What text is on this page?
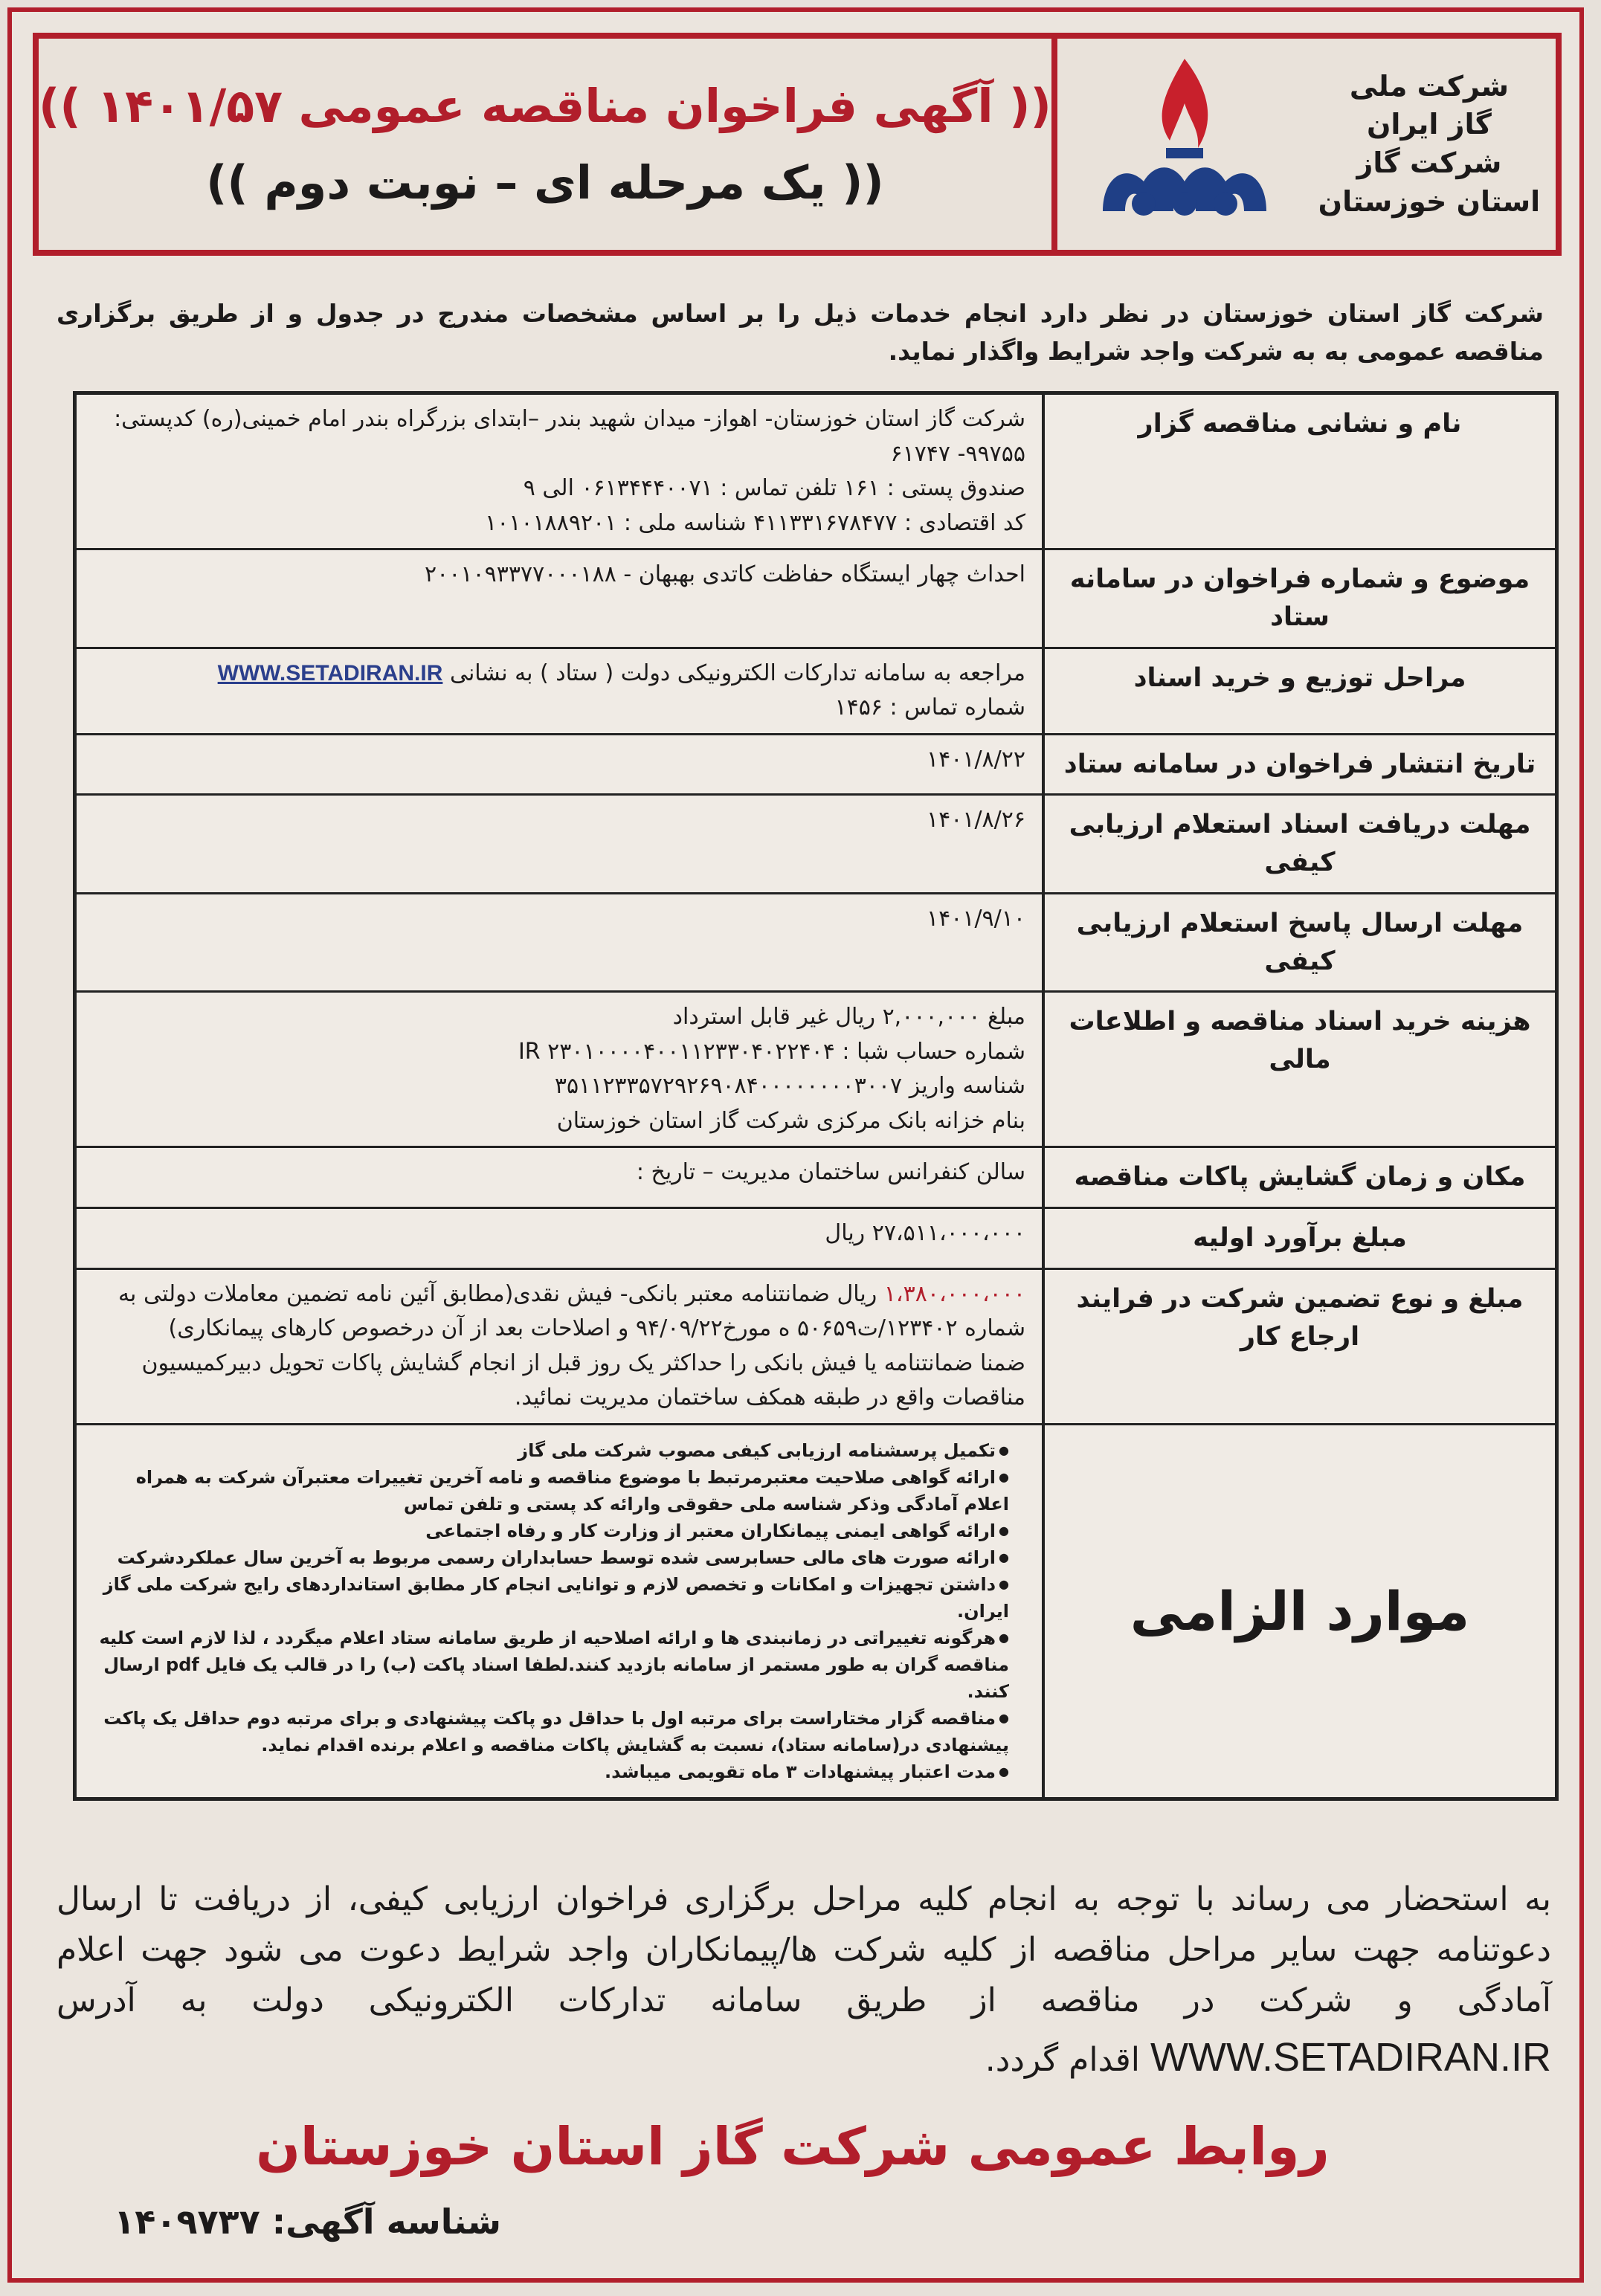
شرکت ملی
گاز ایران
شرکت گاز
استان خوزستان
(( آگهی فراخوان مناقصه عمومی ۱۴۰۱/۵۷ ))
(( یک مرحله ای – نوبت دوم ))
شرکت گاز استان خوزستان در نظر دارد انجام خدمات ذیل را بر اساس مشخصات مندرج در جدول و از طریق برگزاری مناقصه عمومی به به شرکت واجد شرایط واگذار نماید.
نام و نشانی مناقصه گزار

شرکت گاز استان خوزستان- اهواز- میدان شهید بندر –ابتدای بزرگراه بندر امام خمینی(ره) کدپستی: ۹۹۷۵۵- ۶۱۷۴۷

صندوق پستی : ۱۶۱ تلفن تماس : ۰۶۱۳۴۴۴۰۰۷۱ الی ۹

کد اقتصادی : ۴۱۱۳۳۱۶۷۸۴۷۷ شناسه ملی : ۱۰۱۰۱۸۸۹۲۰۱

موضوع و شماره فراخوان در سامانه ستاد
احداث چهار ایستگاه حفاظت کاتدی بهبهان - ۲۰۰۱۰۹۳۳۷۷۰۰۰۱۸۸
مراحل توزیع و خرید اسناد

مراجعه به سامانه تدارکات الکترونیکی دولت ( ستاد ) به نشانی WWW.SETADIRAN.IR

شماره تماس : ۱۴۵۶

تاریخ انتشار فراخوان در سامانه ستاد
۱۴۰۱/۸/۲۲
مهلت دریافت اسناد استعلام ارزیابی کیفی
۱۴۰۱/۸/۲۶
مهلت ارسال پاسخ استعلام ارزیابی کیفی
۱۴۰۱/۹/۱۰
هزینه خرید اسناد مناقصه و اطلاعات مالی

مبلغ ۲,۰۰۰,۰۰۰ ریال غیر قابل استرداد

شماره حساب شبا : IR ۲۳۰۱۰۰۰۰۴۰۰۱۱۲۳۳۰۴۰۲۲۴۰۴

شناسه واریز ۳۵۱۱۲۳۳۵۷۲۹۲۶۹۰۸۴۰۰۰۰۰۰۰۰۳۰۰۷

بنام خزانه بانک مرکزی شرکت گاز استان خوزستان

مکان و زمان گشایش پاکات مناقصه
سالن کنفرانس ساختمان مدیریت – تاریخ :
مبلغ برآورد اولیه
۲۷،۵۱۱،۰۰۰،۰۰۰ ریال
مبلغ و نوع تضمین شرکت در فرایند ارجاع کار

۱،۳۸۰،۰۰۰،۰۰۰ ریال ضمانتنامه معتبر بانکی- فیش نقدی(مطابق آئین نامه تضمین معاملات دولتی به شماره ۱۲۳۴۰۲/ت۵۰۶۵۹ ه مورخ۹۴/۰۹/۲۲ و اصلاحات بعد از آن درخصوص کارهای پیمانکاری)

ضمنا ضمانتنامه یا فیش بانکی را حداکثر یک روز قبل از انجام گشایش پاکات تحویل دبیرکمیسیون مناقصات واقع در طبقه همکف ساختمان مدیریت نمائید.

موارد الزامی
● تکمیل پرسشنامه ارزیابی کیفی مصوب شرکت ملی گاز
● ارائه گواهی صلاحیت معتبرمرتبط با موضوع مناقصه و نامه آخرین تغییرات معتبرآن شرکت به همراه اعلام آمادگی وذکر شناسه ملی حقوقی وارائه کد پستی و تلفن تماس
● ارائه گواهی ایمنی پیمانکاران معتبر از وزارت کار و رفاه اجتماعی
● ارائه صورت های مالی حسابرسی شده توسط حسابداران رسمی مربوط به آخرین سال عملکردشرکت
● داشتن تجهیزات و امکانات و تخصص لازم و توانایی انجام کار مطابق استانداردهای رایج شرکت ملی گاز ایران.
● هرگونه تغییراتی در زمانبندی ها و ارائه اصلاحیه از طریق سامانه ستاد اعلام میگردد ، لذا لازم است کلیه مناقصه گران به طور مستمر از سامانه بازدید کنند.لطفا اسناد پاکت (ب) را در قالب یک فایل pdf ارسال کنند.
● مناقصه گزار مختاراست برای مرتبه اول با حداقل دو پاکت پیشنهادی و برای مرتبه دوم حداقل یک پاکت پیشنهادی در(سامانه ستاد)، نسبت به گشایش پاکات مناقصه و اعلام برنده اقدام نماید.
● مدت اعتبار پیشنهادات ۳ ماه تقویمی میباشد.
به استحضار می رساند با توجه به انجام کلیه مراحل برگزاری فراخوان ارزیابی کیفی، از دریافت تا ارسال دعوتنامه جهت سایر مراحل مناقصه از کلیه شرکت ها/پیمانکاران واجد شرایط دعوت می شود جهت اعلام آمادگی و شرکت در مناقصه از طریق سامانه تدارکات الکترونیکی دولت به آدرس WWW.SETADIRAN.IR اقدام گردد.
روابط عمومی شرکت گاز استان خوزستان
شناسه آگهی: ۱۴۰۹۷۳۷
